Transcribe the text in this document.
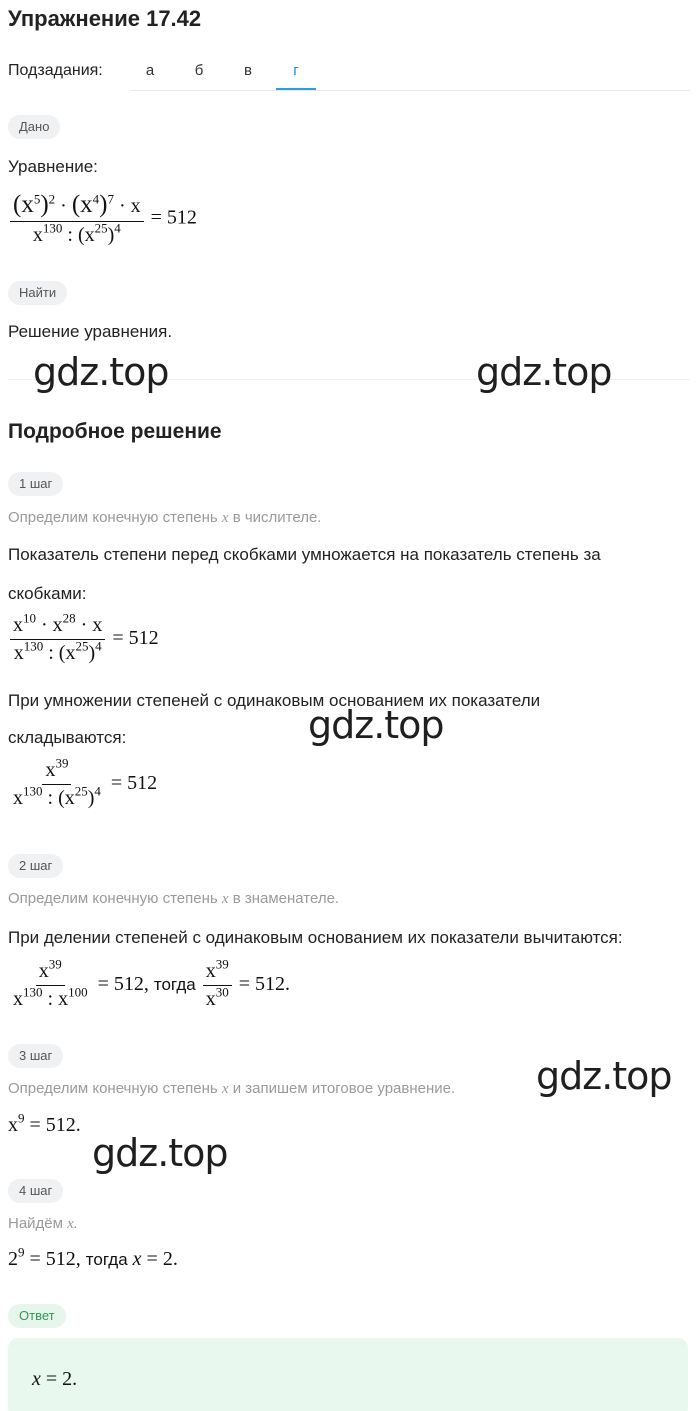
Упражнение 17.42
Подзадания:	а	б	в	г
Дано
Уравнение:
$\frac{(x^5)^2 \cdot (x^4)^7 \cdot x}{x^{130} : (x^{25})^4} = 512$
Найти
Решение уравнения.
gdz.top	gdz.top
gdz.top
gdz.top
gdz.top
Подробное решение
1 шаг
Определим конечную степень x в числителе.
Показатель степени перед скобками умножается на показатель степень за
скобками:
$\frac{x^{10} \cdot x^{28} \cdot x}{x^{130} : (x^{25})^4} = 512$
При умножении степеней с одинаковым основанием их показатели
складываются:
$\frac{x^{39}}{x^{130} : (x^{25})^4} = 512$
2 шаг
Определим конечную степень x в знаменателе.
При делении степеней с одинаковым основанием их показатели вычитаются:
$\frac{x^{39}}{x^{130} : x^{100}} = 512$, тогда $\frac{x^{39}}{x^{30}} = 512$.
3 шаг
Определим конечную степень x и запишем итоговое уравнение.
$x^9 = 512$.
4 шаг
Найдём x.
$2^9 = 512$, тогда x = 2.
Ответ
x = 2.
